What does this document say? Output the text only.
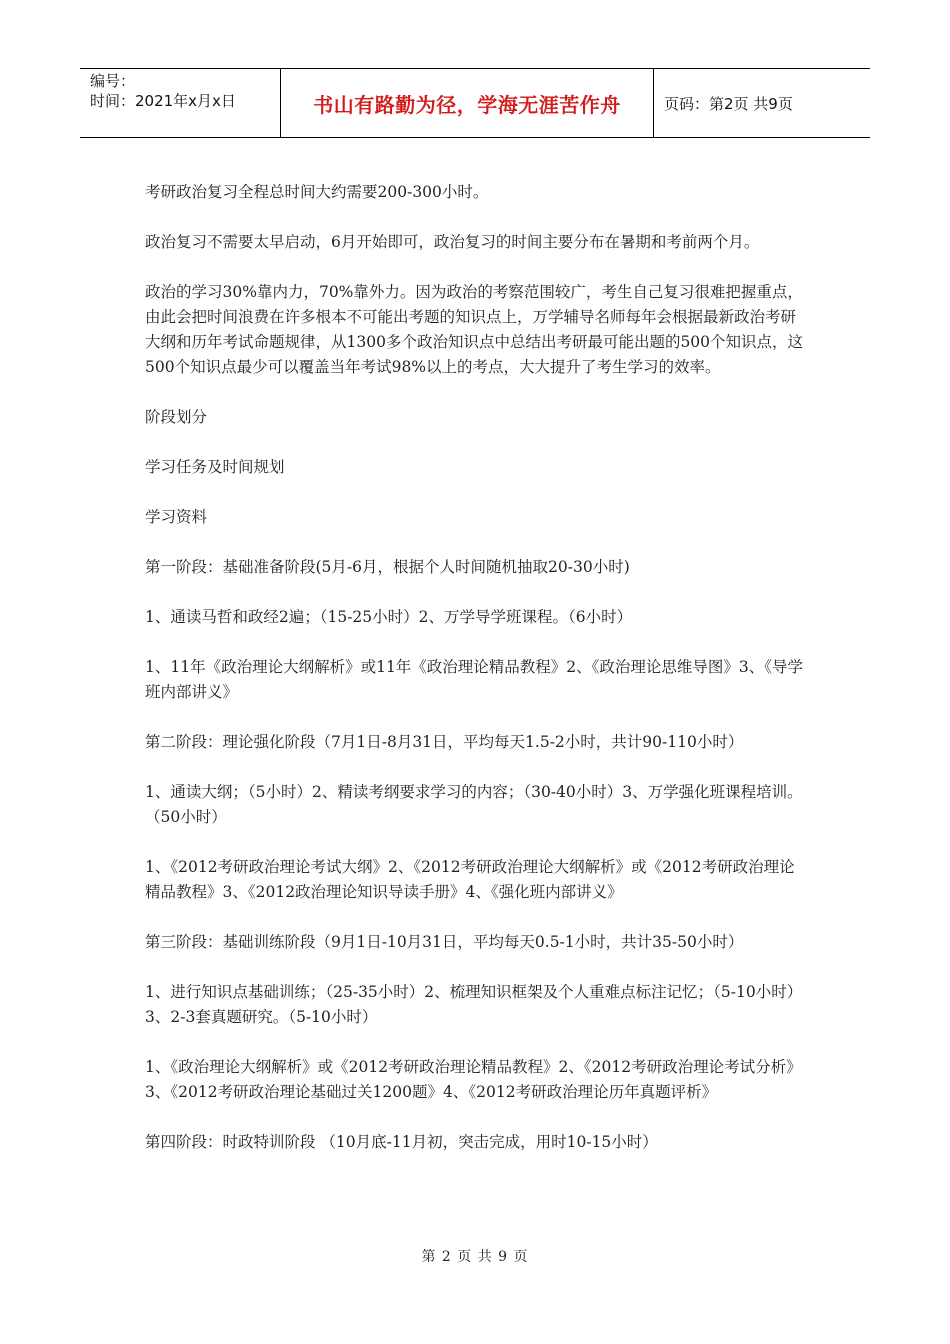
编号：
时间：2021年x月x日	书山有路勤为径，学海无涯苦作舟	页码：第2页 共9页

考研政治复习全程总时间大约需要200-300小时。

政治复习不需要太早启动，6月开始即可，政治复习的时间主要分布在暑期和考前两个月。

政治的学习30%靠内力，70%靠外力。因为政治的考察范围较广，考生自己复习很难把握重点，由此会把时间浪费在许多根本不可能出考题的知识点上，万学辅导名师每年会根据最新政治考研大纲和历年考试命题规律，从1300多个政治知识点中总结出考研最可能出题的500个知识点，这500个知识点最少可以覆盖当年考试98%以上的考点，大大提升了考生学习的效率。

阶段划分

学习任务及时间规划

学习资料

第一阶段：基础准备阶段(5月-6月，根据个人时间随机抽取20-30小时)

1、通读马哲和政经2遍；（15-25小时）2、万学导学班课程。（6小时）

1、11年《政治理论大纲解析》或11年《政治理论精品教程》2、《政治理论思维导图》3、《导学班内部讲义》

第二阶段：理论强化阶段（7月1日-8月31日，平均每天1.5-2小时，共计90-110小时）

1、通读大纲；（5小时）2、精读考纲要求学习的内容；（30-40小时）3、万学强化班课程培训。（50小时）

1、《2012考研政治理论考试大纲》2、《2012考研政治理论大纲解析》或《2012考研政治理论精品教程》3、《2012政治理论知识导读手册》4、《强化班内部讲义》

第三阶段：基础训练阶段（9月1日-10月31日，平均每天0.5-1小时，共计35-50小时）

1、进行知识点基础训练；（25-35小时）2、梳理知识框架及个人重难点标注记忆；（5-10小时）3、2-3套真题研究。（5-10小时）

1、《政治理论大纲解析》或《2012考研政治理论精品教程》2、《2012考研政治理论考试分析》3、《2012考研政治理论基础过关1200题》4、《2012考研政治理论历年真题评析》

第四阶段：时政特训阶段 （10月底-11月初，突击完成，用时10-15小时）

第 2 页 共 9 页
